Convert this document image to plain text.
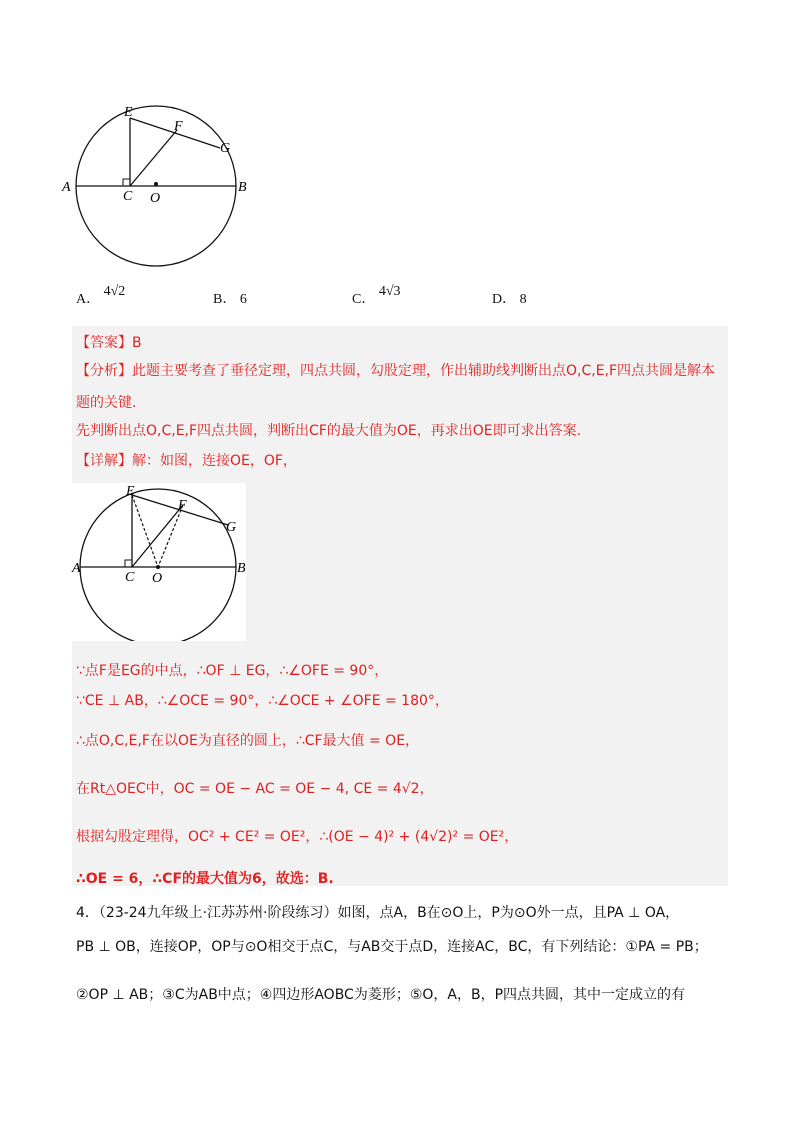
A	B
C O
E
F
G
A． 4√2
B． 6	C． 4√3
D． 8
【答案】B
【分析】此题主要考查了垂径定理，四点共圆，勾股定理，作出辅助线判断出点O,C,E,F四点共圆是解本
题的关键.
先判断出点O,C,E,F四点共圆，判断出CF的最大值为OE，再求出OE即可求出答案.
【详解】解：如图，连接OE，OF，
A	B
C O
E
F
G
∵点F是EG的中点，∴OF ⊥ EG，∴∠OFE = 90°，
∵CE ⊥ AB，∴∠OCE = 90°，∴∠OCE + ∠OFE = 180°，
∴点O,C,E,F在以OE为直径的圆上，∴CF最大值 = OE，
在Rt△OEC中，OC = OE − AC = OE − 4, CE = 4√2，
根据勾股定理得，OC² + CE² = OE²，∴(OE − 4)² + (4√2)² = OE²，
∴OE = 6，∴CF的最大值为6，故选：B.
4．（23-24九年级上·江苏苏州·阶段练习）如图，点A，B在⊙O上，P为⊙O外一点，且PA ⊥ OA，
PB ⊥ OB，连接OP，OP与⊙O相交于点C，与AB交于点D，连接AC，BC，有下列结论：①PA = PB；
②OP ⊥ AB；③C为AB中点；④四边形AOBC为菱形；⑤O，A，B，P四点共圆，其中一定成立的有
